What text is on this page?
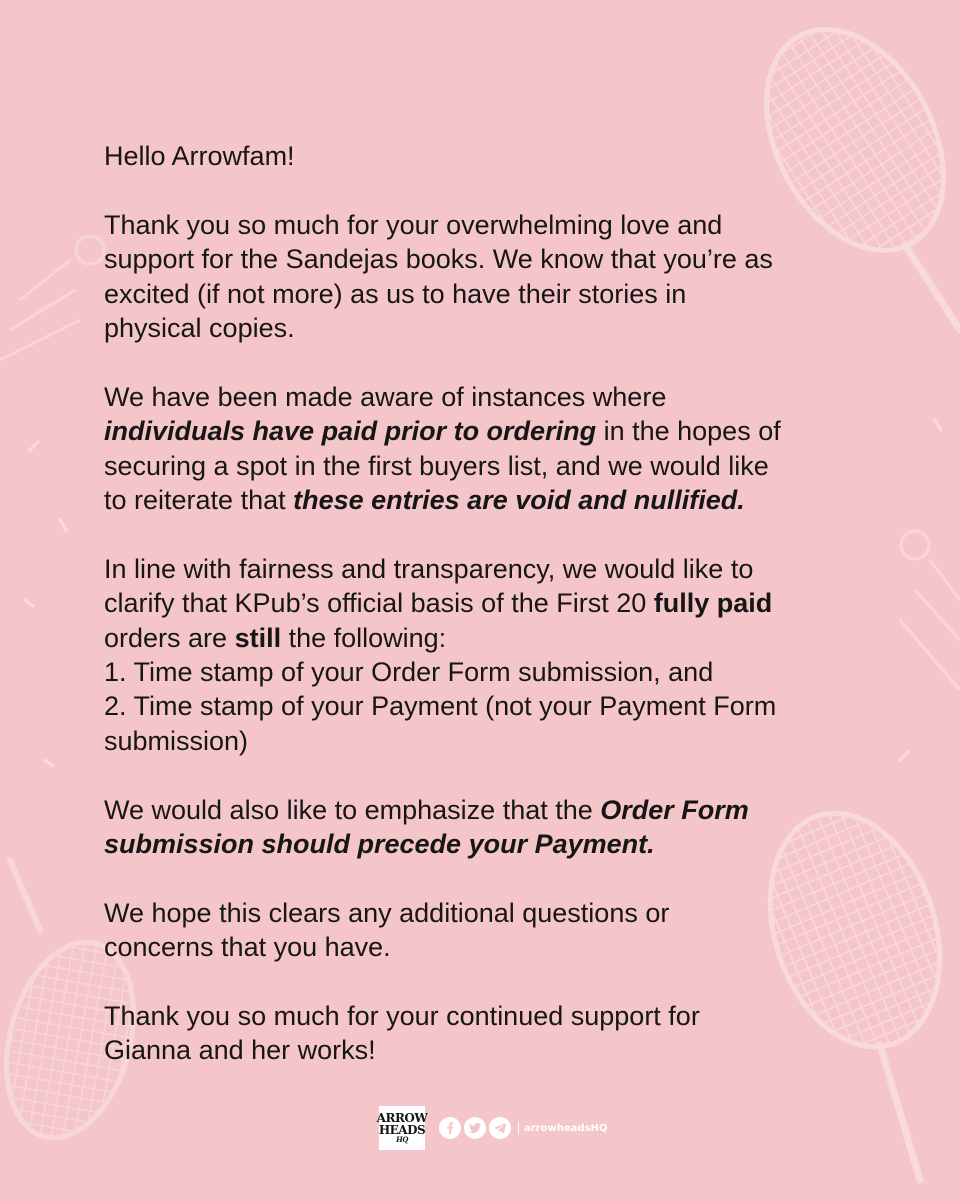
Hello Arrowfam!

Thank you so much for your overwhelming love and
support for the Sandejas books. We know that you’re as
excited (if not more) as us to have their stories in
physical copies.

We have been made aware of instances where
individuals have paid prior to ordering in the hopes of
securing a spot in the first buyers list, and we would like
to reiterate that these entries are void and nullified.

In line with fairness and transparency, we would like to
clarify that KPub’s official basis of the First 20 fully paid
orders are still the following:
1. Time stamp of your Order Form submission, and
2. Time stamp of your Payment (not your Payment Form
submission)

We would also like to emphasize that the Order Form
submission should precede your Payment.

We hope this clears any additional questions or
concerns that you have.

Thank you so much for your continued support for
Gianna and her works!

ARROW
HEADS
HQ
arrowheadsHQ
